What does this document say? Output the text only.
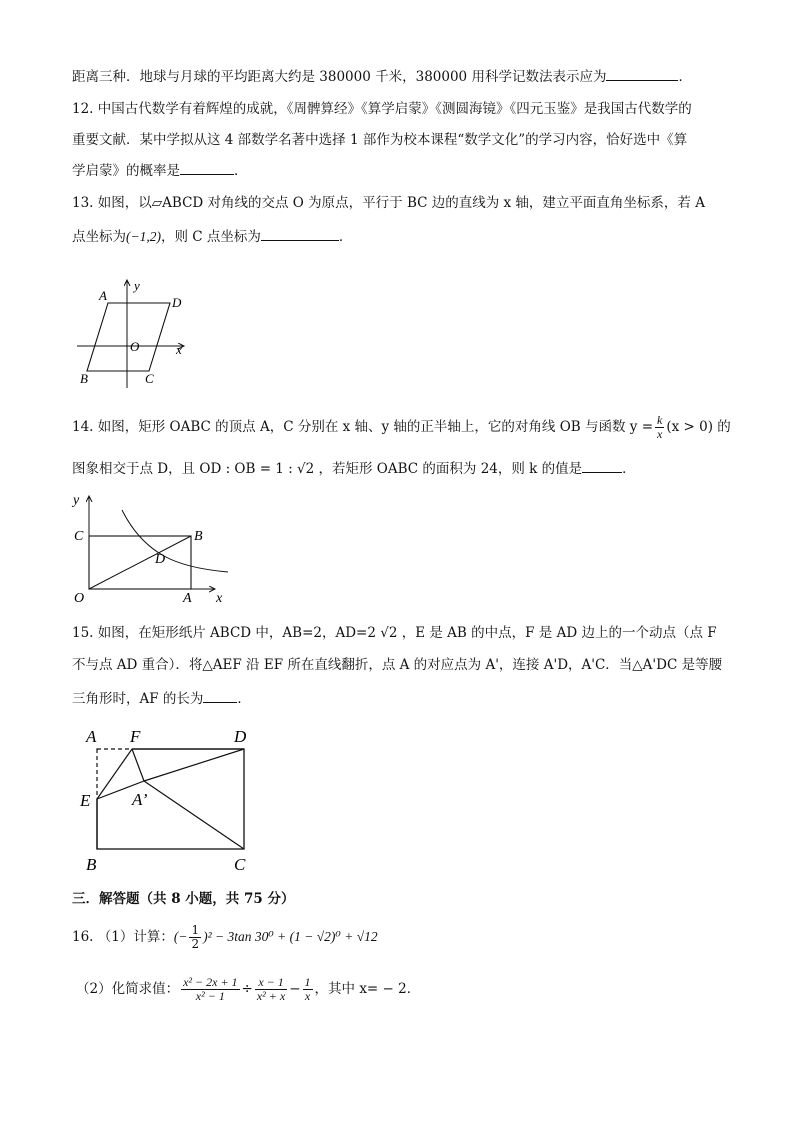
距离三种．地球与月球的平均距离大约是 380000 千米，380000 用科学记数法表示应为	．
12. 中国古代数学有着辉煌的成就，《周髀算经》《算学启蒙》《测圆海镜》《四元玉鉴》是我国古代数学的
重要文献．某中学拟从这 4 部数学名著中选择 1 部作为校本课程“数学文化”的学习内容，恰好选中《算
学启蒙》的概率是	．
13. 如图，以▱ABCD 对角线的交点 O 为原点，平行于 BC 边的直线为 x 轴，建立平面直角坐标系，若 A
点坐标为(−1,2)，则 C 点坐标为	．
A	D
B	C
O	x
y
14. 如图，矩形 OABC 的顶点 A，C 分别在 x 轴、y 轴的正半轴上，它的对角线 OB 与函数 $y = \frac{k}{x} (x > 0)$ 的
图象相交于点 D，且 OD : OB = 1 : √2 ，若矩形 OABC 的面积为 24，则 k 的值是	．
C	B
D
O	A x
y
15. 如图，在矩形纸片 ABCD 中，AB=2，AD=2 √2 ，E 是 AB 的中点，F 是 AD 边上的一个动点（点 F
不与点 AD 重合）．将△AEF 沿 EF 所在直线翻折，点 A 的对应点为 A'，连接 A'D，A'C．当△A'DC 是等腰
三角形时，AF 的长为	．
A F	D
E A’
B	C
三．解答题（共 8 小题，共 75 分）
16. （1）计算：(− $\frac{1}{2} )^2 - 3\tan$ 30⁰ + (1 − √2)⁰ + √12
（2）化简求值： $\frac{\text{x² − 2x + 1}}{\text{x² − 1}} \div \frac{x - 1}{\text{x² + x}} - \frac{1}{x}$ ，其中 x= − 2．
